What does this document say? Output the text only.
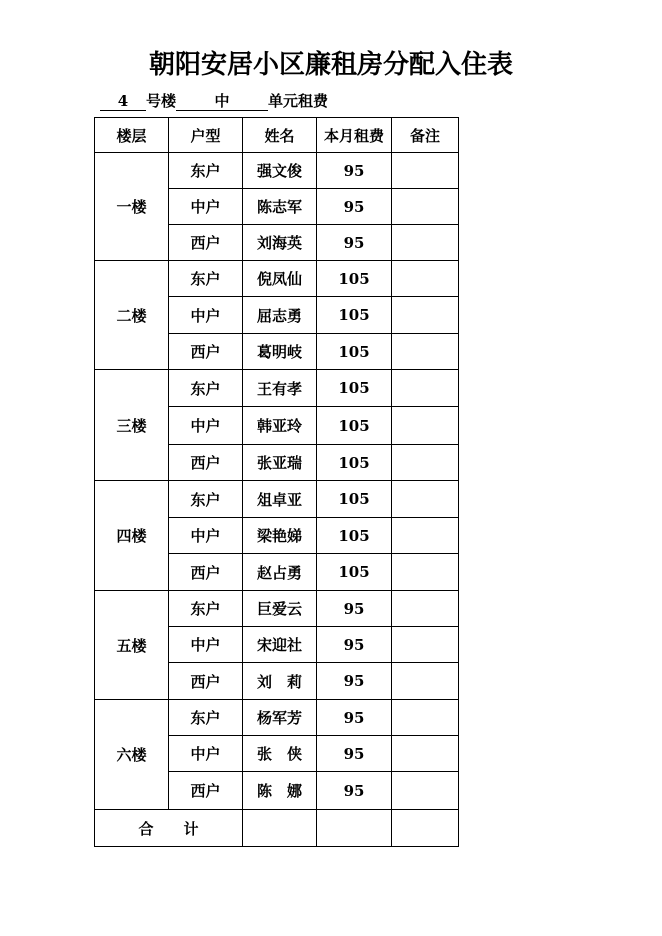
朝阳安居小区廉租房分配入住表
4 号楼	中	单元租费
楼层	户型	姓名	本月租费	备注
一楼	东户	强文俊	95	
	中户	陈志军	95	
	西户	刘海英	95	
二楼	东户	倪凤仙	105	
	中户	屈志勇	105	
	西户	葛明岐	105	
三楼	东户	王有孝	105	
	中户	韩亚玲	105	
	西户	张亚瑞	105	
四楼	东户	俎卓亚	105	
	中户	梁艳娣	105	
	西户	赵占勇	105	
五楼	东户	巨爱云	95	
	中户	宋迎社	95	
	西户	刘　莉	95	
六楼	东户	杨军芳	95	
	中户	张　侠	95	
	西户	陈　娜	95	
合　　计				
